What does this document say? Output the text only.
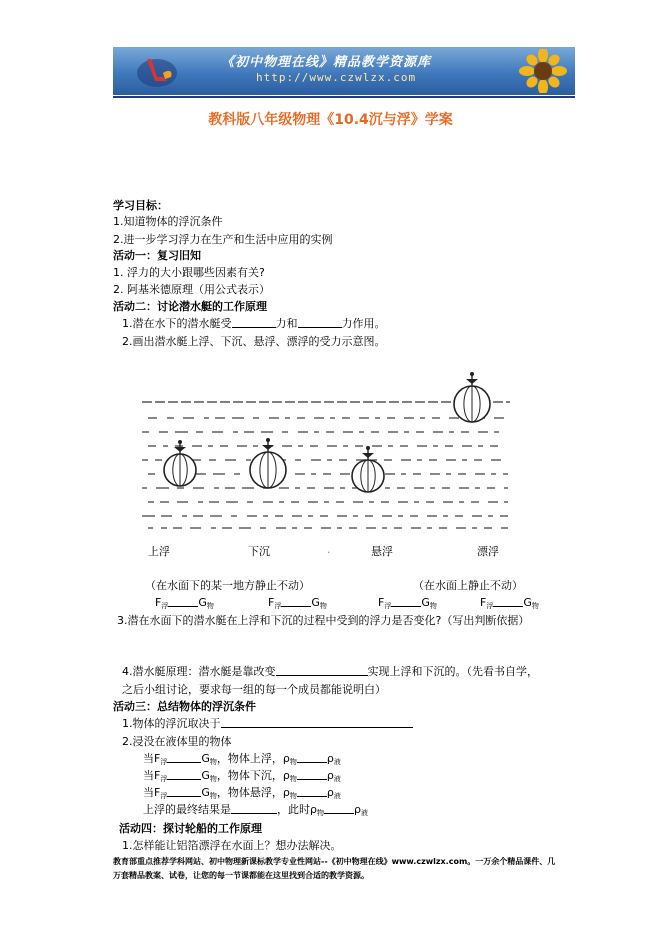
《初中物理在线》精品教学资源库
http://www.czwlzx.com
教科版八年级物理《10.4沉与浮》学案
学习目标：
1.知道物体的浮沉条件
2.进一步学习浮力在生产和生活中应用的实例
活动一：复习旧知
1. 浮力的大小跟哪些因素有关?
2. 阿基米德原理（用公式表示）
活动二：讨论潜水艇的工作原理
1.潜在水下的潜水艇受	力和	力作用。
2.画出潜水艇上浮、下沉、悬浮、漂浮的受力示意图。
上浮	下沉	.	悬浮	漂浮
（在水面下的某一地方静止不动）	（在水面上静止不动）
$F_浮$	$G_物$	$F_浮$	$G_物$	$F_浮$	$G_物$	$F_浮$	$G_物$
3.潜在水面下的潜水艇在上浮和下沉的过程中受到的浮力是否变化?（写出判断依据）
4.潜水艇原理：潜水艇是靠改变	实现上浮和下沉的。（先看书自学，
之后小组讨论，要求每一组的每一个成员都能说明白）
活动三：总结物体的浮沉条件
1.物体的浮沉取决于
2.浸没在液体里的物体
当$F_浮$	$G_物$，物体上浮，$\rho_物$	$\rho_液$
当$F_浮$	$G_物$，物体下沉，$\rho_物$	$\rho_液$
当$F_浮$	$G_物$，物体悬浮，$\rho_物$	$\rho_液$
上浮的最终结果是	，此时$\rho_物$	$\rho_液$
活动四：探讨轮船的工作原理
1.怎样能让铝箔漂浮在水面上？想办法解决。
教育部重点推荐学科网站、初中物理新课标教学专业性网站--《初中物理在线》www.czwlzx.com。一万余个精品课件、几万套精品教案、试卷，让您的每一节课都能在这里找到合适的教学资源。
